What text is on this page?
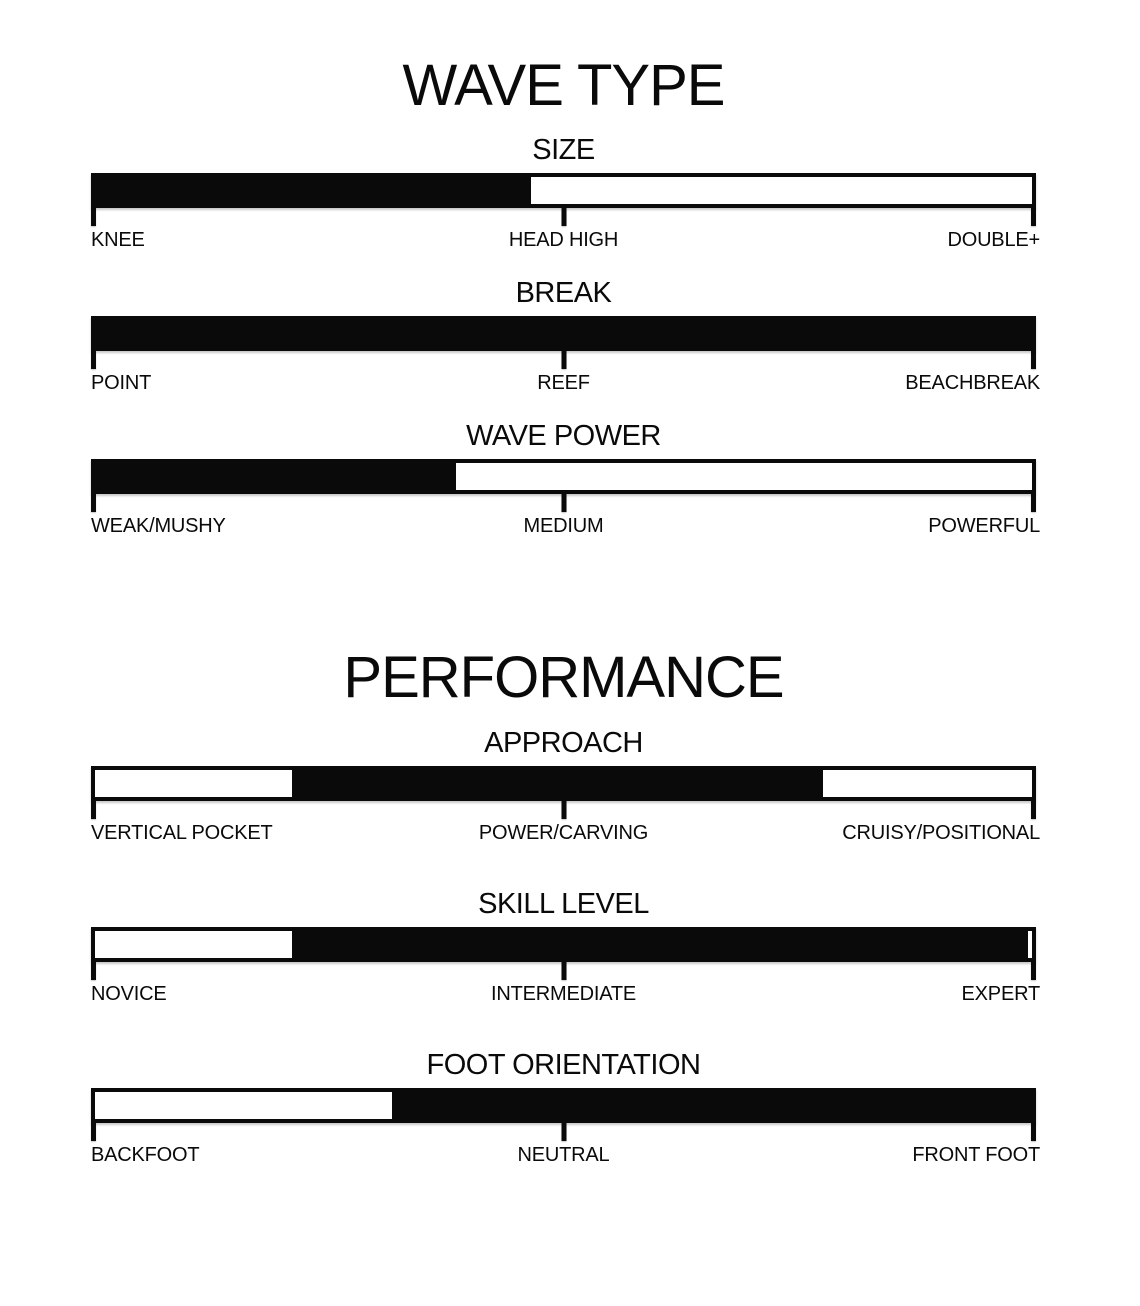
WAVE TYPE
SIZE
KNEE	HEAD HIGH	DOUBLE+
BREAK
POINT	REEF	BEACHBREAK
WAVE POWER
WEAK/MUSHY	MEDIUM	POWERFUL
PERFORMANCE
APPROACH
VERTICAL POCKET	POWER/CARVING	CRUISY/POSITIONAL
SKILL LEVEL
NOVICE	INTERMEDIATE	EXPERT
FOOT ORIENTATION
BACKFOOT	NEUTRAL	FRONT FOOT
